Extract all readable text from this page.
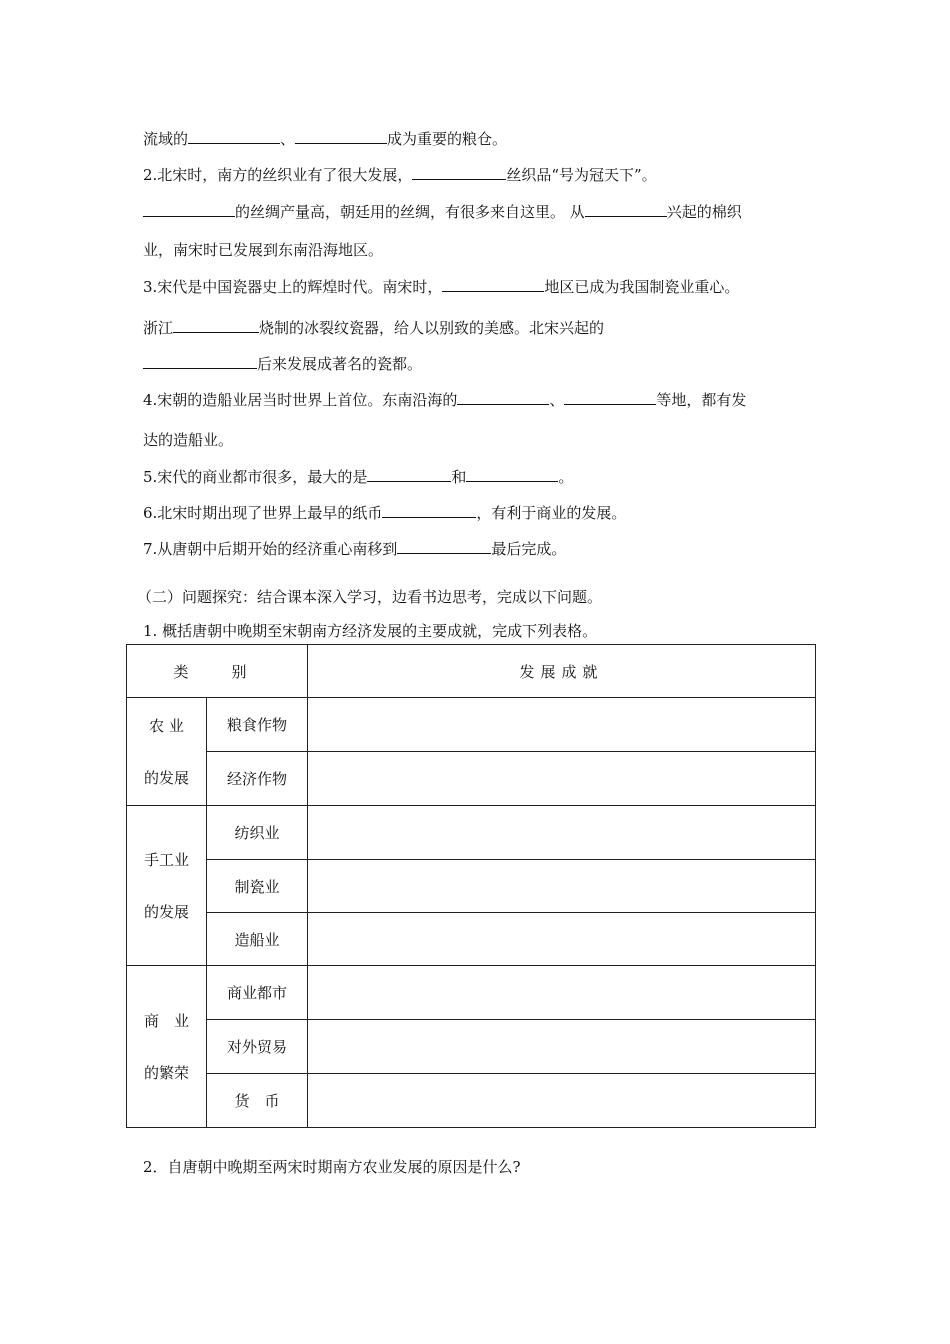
流域的	、	成为重要的粮仓。
2.北宋时，南方的丝织业有了很大发展，	丝织品“号为冠天下”。
的丝绸产量高，朝廷用的丝绸，有很多来自这里。 从	兴起的棉织
业，南宋时已发展到东南沿海地区。
3.宋代是中国瓷器史上的辉煌时代。南宋时，	地区已成为我国制瓷业重心。
浙江	烧制的冰裂纹瓷器，给人以别致的美感。北宋兴起的
后来发展成著名的瓷都。
4.宋朝的造船业居当时世界上首位。东南沿海的	、	等地，都有发
达的造船业。
5.宋代的商业都市很多，最大的是	和	。
6.北宋时期出现了世界上最早的纸币	，有利于商业的发展。
7.从唐朝中后期开始的经济重心南移到	最后完成。
（二）问题探究：结合课本深入学习，边看书边思考，完成以下问题。
1. 概括唐朝中晚期至宋朝南方经济发展的主要成就，完成下列表格。
类　别		发展成就

农 业
的发展	粮食作物	
	经济作物	

手工业
的发展	纺织业	
	制瓷业	
	造船业	

商　业
的繁荣	商业都市	
	对外贸易	
	货　币	
2．自唐朝中晚期至两宋时期南方农业发展的原因是什么?
